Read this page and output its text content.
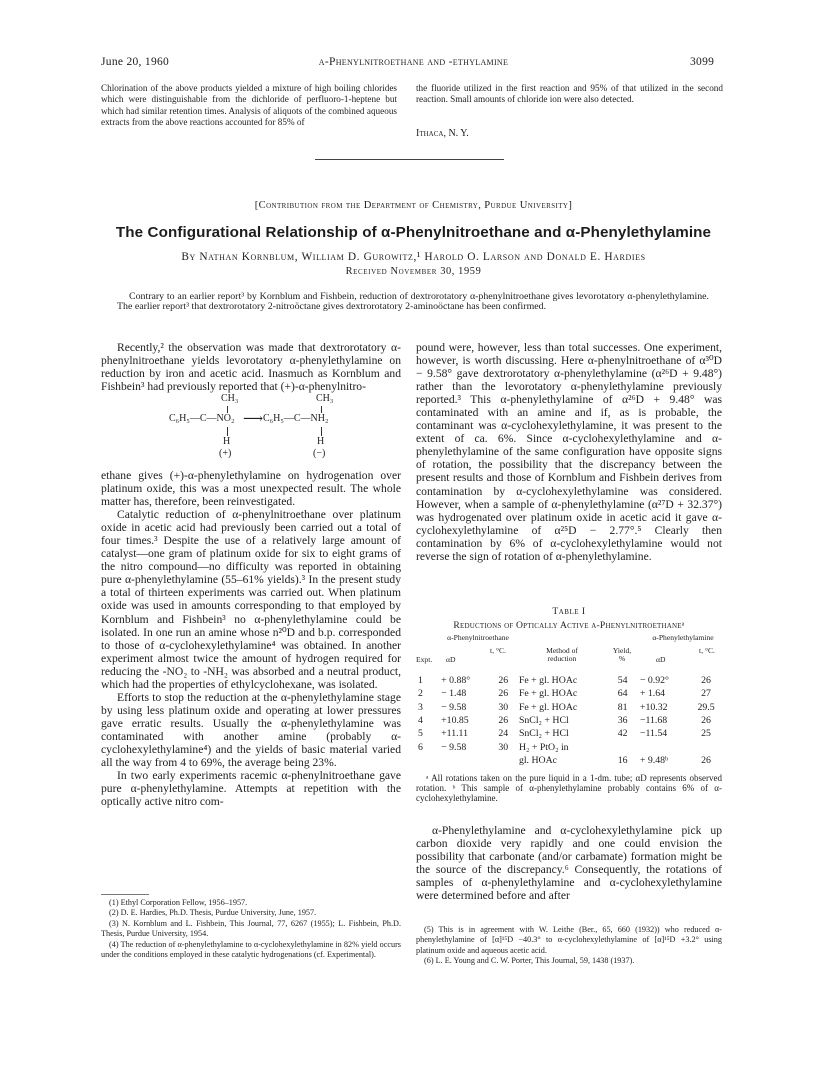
June 20, 1960	α-Phenylnitroethane and -ethylamine	3099
Chlorination of the above products yielded a mixture of high boiling chlorides which were distinguishable from the dichloride of perfluoro-1-heptene but which had similar retention times. Analysis of aliquots of the combined aqueous extracts from the above reactions accounted for 85% of
the fluoride utilized in the first reaction and 95% of that utilized in the second reaction. Small amounts of chloride ion were also detected.
Ithaca, N. Y.
[Contribution from the Department of Chemistry, Purdue University]
The Configurational Relationship of α-Phenylnitroethane and α-Phenylethylamine
By Nathan Kornblum, William D. Gurowitz,¹ Harold O. Larson and Donald E. Hardies
Received November 30, 1959
Contrary to an earlier report³ by Kornblum and Fishbein, reduction of dextrorotatory α-phenylnitroethane gives levorotatory α-phenylethylamine. The earlier report³ that dextrorotatory 2-nitroöctane gives dextrorotatory 2-aminoöctane has been confirmed.

Recently,² the observation was made that dextrorotatory α-phenylnitroethane yields levorotatory α-phenylethylamine on reduction by iron and acetic acid. Inasmuch as Kornblum and Fishbein³ had previously reported that (+)-α-phenylnitro-

CH₃	CH₃
C₆H₅—C—NO₂ ⟶ C₆H₅—C—NH₂
H	H
(+)	(−)

ethane gives (+)-α-phenylethylamine on hydrogenation over platinum oxide, this was a most unexpected result. The whole matter has, therefore, been reinvestigated.

Catalytic reduction of α-phenylnitroethane over platinum oxide in acetic acid had previously been carried out a total of four times.³ Despite the use of a relatively large amount of catalyst—one gram of platinum oxide for six to eight grams of the nitro compound—no difficulty was reported in obtaining pure α-phenylethylamine (55–61% yields).³ In the present study a total of thirteen experiments was carried out. When platinum oxide was used in amounts corresponding to that employed by Kornblum and Fishbein³ no α-phenylethylamine could be isolated. In one run an amine whose n²⁰D and b.p. corresponded to those of α-cyclohexylethylamine⁴ was obtained. In another experiment almost twice the amount of hydrogen required for reducing the -NO₂ to -NH₂ was absorbed and a neutral product, which had the properties of ethylcyclohexane, was isolated.

Efforts to stop the reduction at the α-phenylethylamine stage by using less platinum oxide and operating at lower pressures gave erratic results. Usually the α-phenylethylamine was contaminated with another amine (probably α-cyclohexylethylamine⁴) and the yields of basic material varied all the way from 4 to 69%, the average being 23%.

In two early experiments racemic α-phenylnitroethane gave pure α-phenylethylamine. Attempts at repetition with the optically active nitro com-

(1) Ethyl Corporation Fellow, 1956–1957.

(2) D. E. Hardies, Ph.D. Thesis, Purdue University, June, 1957.

(3) N. Kornblum and L. Fishbein, This Journal, 77, 6267 (1955); L. Fishbein, Ph.D. Thesis, Purdue University, 1954.

(4) The reduction of α-phenylethylamine to α-cyclohexylethylamine in 82% yield occurs under the conditions employed in these catalytic hydrogenations (cf. Experimental).

pound were, however, less than total successes. One experiment, however, is worth discussing. Here α-phenylnitroethane of α³⁰D − 9.58° gave dextrorotatory α-phenylethylamine (α²⁶D + 9.48°) rather than the levorotatory α-phenylethylamine previously reported.³ This α-phenylethylamine of α²⁶D + 9.48° was contaminated with an amine and if, as is probable, the contaminant was α-cyclohexylethylamine, it was present to the extent of ca. 6%. Since α-cyclohexylethylamine and α-phenylethylamine of the same configuration have opposite signs of rotation, the possibility that the discrepancy between the present results and those of Kornblum and Fishbein derives from contamination by α-cyclohexylethylamine was considered. However, when a sample of α-phenylethylamine (α²⁷D + 32.37°) was hydrogenated over platinum oxide in acetic acid it gave α-cyclohexylethylamine of α²⁵D − 2.77°.⁵ Clearly then contamination by 6% of α-cyclohexylethylamine would not reverse the sign of rotation of α-phenylethylamine.

Table I
Reductions of Optically Active α-Phenylnitroethaneᵃ
α-Phenylnitroethane	α-Phenylethylamine
Expt. αD
t, °C.	Method of reduction
Yield, %	αD
t, °C.
1	+ 0.88°	26	Fe + gl. HOAc	54	− 0.92°	26
2	− 1.48	26	Fe + gl. HOAc	64	+ 1.64	27
3	− 9.58	30	Fe + gl. HOAc	81	+10.32	29.5
4	+10.85	26	SnCl₂ + HCl	36	−11.68	26
5	+11.11	24	SnCl₂ + HCl	42	−11.54	25
6	− 9.58	30	H₂ + PtO₂ in			
			gl. HOAc	16	+ 9.48ᵇ	26
ᵃ All rotations taken on the pure liquid in a 1-dm. tube; αD represents observed rotation. ᵇ This sample of α-phenylethylamine probably contains 6% of α-cyclohexylethylamine.

α-Phenylethylamine and α-cyclohexylethylamine pick up carbon dioxide very rapidly and one could envision the possibility that carbonate (and/or carbamate) formation might be the source of the discrepancy.⁶ Consequently, the rotations of samples of α-phenylethylamine and α-cyclohexylethylamine were determined before and after

(5) This is in agreement with W. Leithe (Ber., 65, 660 (1932)) who reduced α-phenylethylamine of [α]¹⁵D −40.3° to α-cyclohexylethylamine of [α]¹⁵D +3.2° using platinum oxide and aqueous acetic acid.

(6) L. E. Young and C. W. Porter, This Journal, 59, 1438 (1937).
